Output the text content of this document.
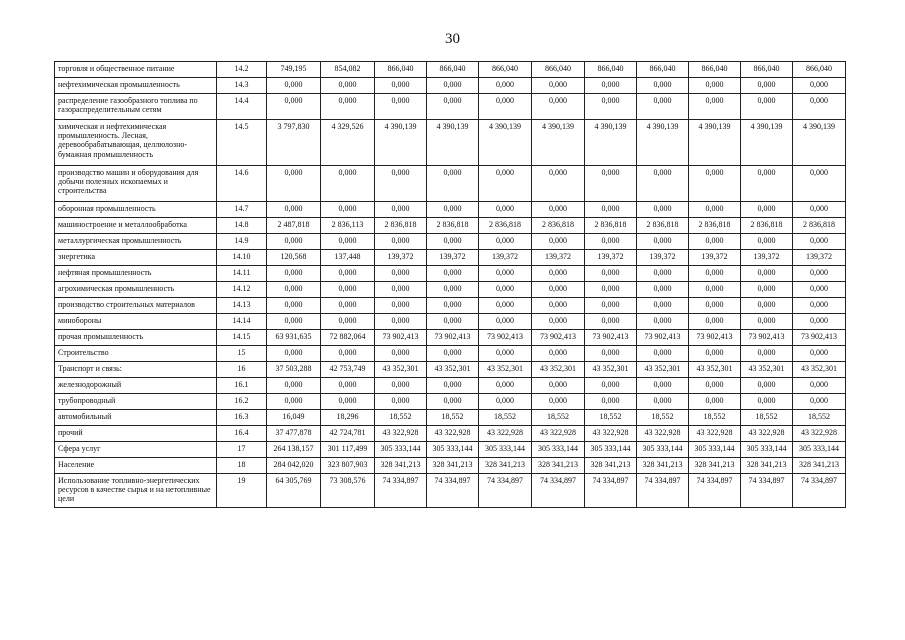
30
торговля и общественное питание	14.2	749,195	854,082	866,040	866,040	866,040	866,040	866,040	866,040	866,040	866,040	866,040
нефтехимическая промышленность	14.3	0,000	0,000	0,000	0,000	0,000	0,000	0,000	0,000	0,000	0,000	0,000
распределение газообразного топлива по газораспределительным сетям	14.4	0,000	0,000	0,000	0,000	0,000	0,000	0,000	0,000	0,000	0,000	0,000
химическая и нефтехимическая промышленность. Лесная, деревообрабатывающая, целлюлозно-бумажная промышленность	14.5	3 797,830	4 329,526	4 390,139	4 390,139	4 390,139	4 390,139	4 390,139	4 390,139	4 390,139	4 390,139	4 390,139
производство машин и оборудования для добычи полезных ископаемых и строительства	14.6	0,000	0,000	0,000	0,000	0,000	0,000	0,000	0,000	0,000	0,000	0,000
оборонная промышленность	14.7	0,000	0,000	0,000	0,000	0,000	0,000	0,000	0,000	0,000	0,000	0,000
машиностроение и металлообработка	14.8	2 487,818	2 836,113	2 836,818	2 836,818	2 836,818	2 836,818	2 836,818	2 836,818	2 836,818	2 836,818	2 836,818
металлургическая промышленность	14.9	0,000	0,000	0,000	0,000	0,000	0,000	0,000	0,000	0,000	0,000	0,000
энергетика	14.10	120,568	137,448	139,372	139,372	139,372	139,372	139,372	139,372	139,372	139,372	139,372
нефтяная промышленность	14.11	0,000	0,000	0,000	0,000	0,000	0,000	0,000	0,000	0,000	0,000	0,000
агрохимическая промышленность	14.12	0,000	0,000	0,000	0,000	0,000	0,000	0,000	0,000	0,000	0,000	0,000
производство строительных материалов	14.13	0,000	0,000	0,000	0,000	0,000	0,000	0,000	0,000	0,000	0,000	0,000
минобороны	14.14	0,000	0,000	0,000	0,000	0,000	0,000	0,000	0,000	0,000	0,000	0,000
прочая промышленность	14.15	63 931,635	72 882,064	73 902,413	73 902,413	73 902,413	73 902,413	73 902,413	73 902,413	73 902,413	73 902,413	73 902,413
Строительство	15	0,000	0,000	0,000	0,000	0,000	0,000	0,000	0,000	0,000	0,000	0,000
Транспорт и связь:	16	37 503,288	42 753,749	43 352,301	43 352,301	43 352,301	43 352,301	43 352,301	43 352,301	43 352,301	43 352,301	43 352,301
железнодорожный	16.1	0,000	0,000	0,000	0,000	0,000	0,000	0,000	0,000	0,000	0,000	0,000
трубопроводный	16.2	0,000	0,000	0,000	0,000	0,000	0,000	0,000	0,000	0,000	0,000	0,000
автомобильный	16.3	16,049	18,296	18,552	18,552	18,552	18,552	18,552	18,552	18,552	18,552	18,552
прочий	16.4	37 477,878	42 724,781	43 322,928	43 322,928	43 322,928	43 322,928	43 322,928	43 322,928	43 322,928	43 322,928	43 322,928
Сфера услуг	17	264 138,157	301 117,499	305 333,144	305 333,144	305 333,144	305 333,144	305 333,144	305 333,144	305 333,144	305 333,144	305 333,144
Население	18	284 042,020	323 807,903	328 341,213	328 341,213	328 341,213	328 341,213	328 341,213	328 341,213	328 341,213	328 341,213	328 341,213
Использование топливно-энергетических ресурсов в качестве сырья и на нетопливные цели	19	64 305,769	73 308,576	74 334,897	74 334,897	74 334,897	74 334,897	74 334,897	74 334,897	74 334,897	74 334,897	74 334,897
